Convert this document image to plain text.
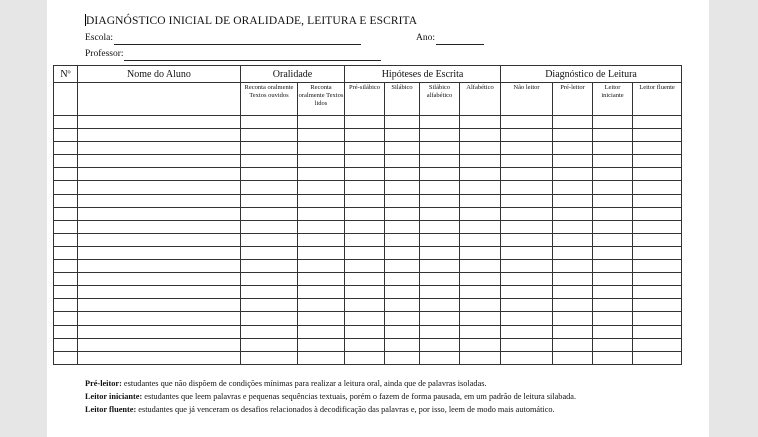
DIAGNÓSTICO INICIAL DE ORALIDADE, LEITURA E ESCRITA
Escola:	Ano:
Professor:
Nº	Nome do Aluno	Oralidade		Hipóteses de Escrita				Diagnóstico de Leitura			
		Reconta oralmente Textos ouvidos	Reconta oralmente Textos lidos	Pré-silábico	Silábico	Silábico alfabético	Alfabético	Não leitor	Pré-leitor	Leitor iniciante	Leitor fluente

Pré-leitor: estudantes que não dispõem de condições mínimas para realizar a leitura oral, ainda que de palavras isoladas.
Leitor iniciante: estudantes que leem palavras e pequenas sequências textuais, porém o fazem de forma pausada, em um padrão de leitura silabada.
Leitor fluente: estudantes que já venceram os desafios relacionados à decodificação das palavras e, por isso, leem de modo mais automático.
